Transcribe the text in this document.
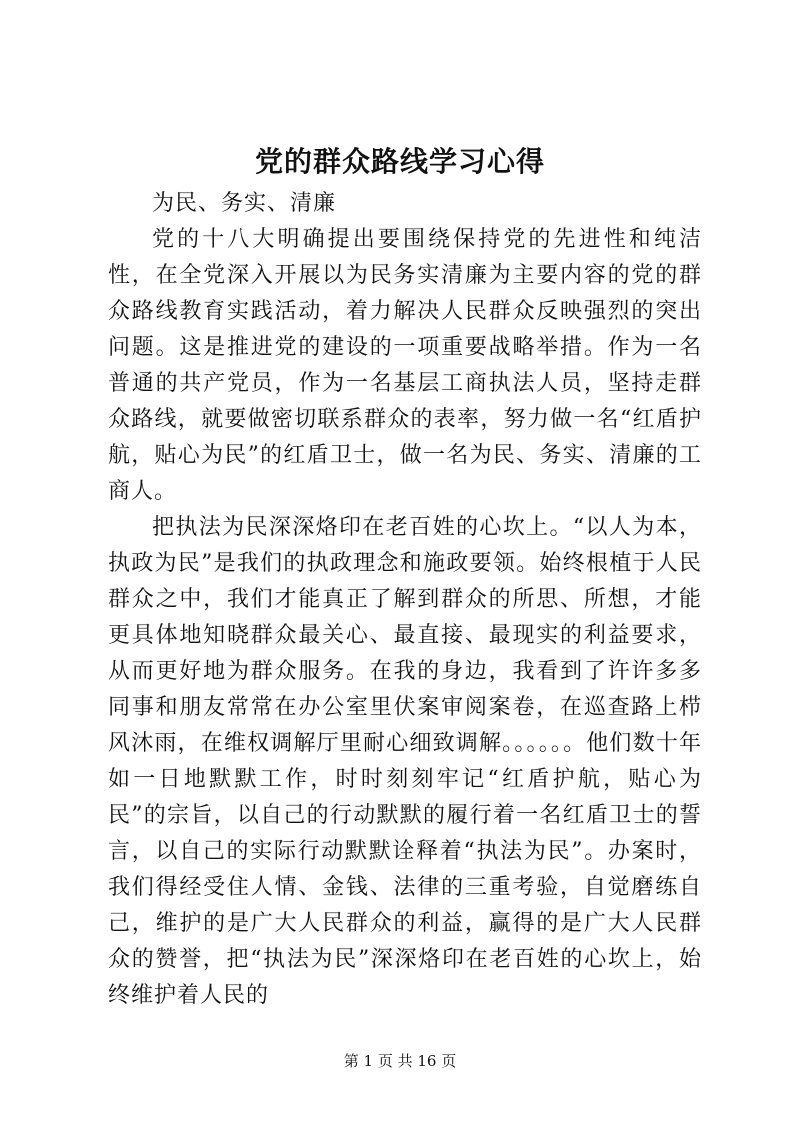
党的群众路线学习心得

为民、务实、清廉

党的十八大明确提出要围绕保持党的先进性和纯洁性，在全党深入开展以为民务实清廉为主要内容的党的群众路线教育实践活动，着力解决人民群众反映强烈的突出问题。这是推进党的建设的一项重要战略举措。作为一名普通的共产党员，作为一名基层工商执法人员，坚持走群众路线，就要做密切联系群众的表率，努力做一名“红盾护航，贴心为民”的红盾卫士，做一名为民、务实、清廉的工商人。

把执法为民深深烙印在老百姓的心坎上。“以人为本，执政为民”是我们的执政理念和施政要领。始终根植于人民群众之中，我们才能真正了解到群众的所思、所想，才能更具体地知晓群众最关心、最直接、最现实的利益要求，从而更好地为群众服务。在我的身边，我看到了许许多多同事和朋友常常在办公室里伏案审阅案卷，在巡查路上栉风沐雨，在维权调解厅里耐心细致调解。。。。。。他们数十年如一日地默默工作，时时刻刻牢记“红盾护航，贴心为民”的宗旨，以自己的行动默默的履行着一名红盾卫士的誓言，以自己的实际行动默默诠释着“执法为民”。办案时，我们得经受住人情、金钱、法律的三重考验，自觉磨练自己，维护的是广大人民群众的利益，赢得的是广大人民群众的赞誉，把“执法为民”深深烙印在老百姓的心坎上，始终维护着人民的

第 1 页 共 16 页
